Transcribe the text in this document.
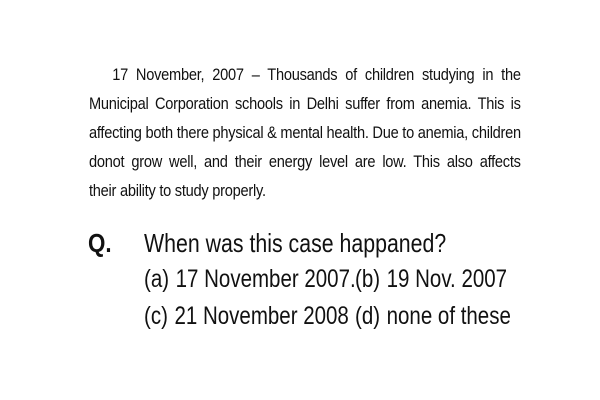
17 November, 2007 – Thousands of children studying in the
Municipal Corporation schools in Delhi suffer from anemia. This is
affecting both there physical & mental health. Due to anemia, children
donot grow well, and their energy level are low. This also affects
their ability to study properly.
Q. When was this case happaned?
(a) 17 November 2007. (b) 19 Nov. 2007
(c) 21 November 2008 (d) none of these
